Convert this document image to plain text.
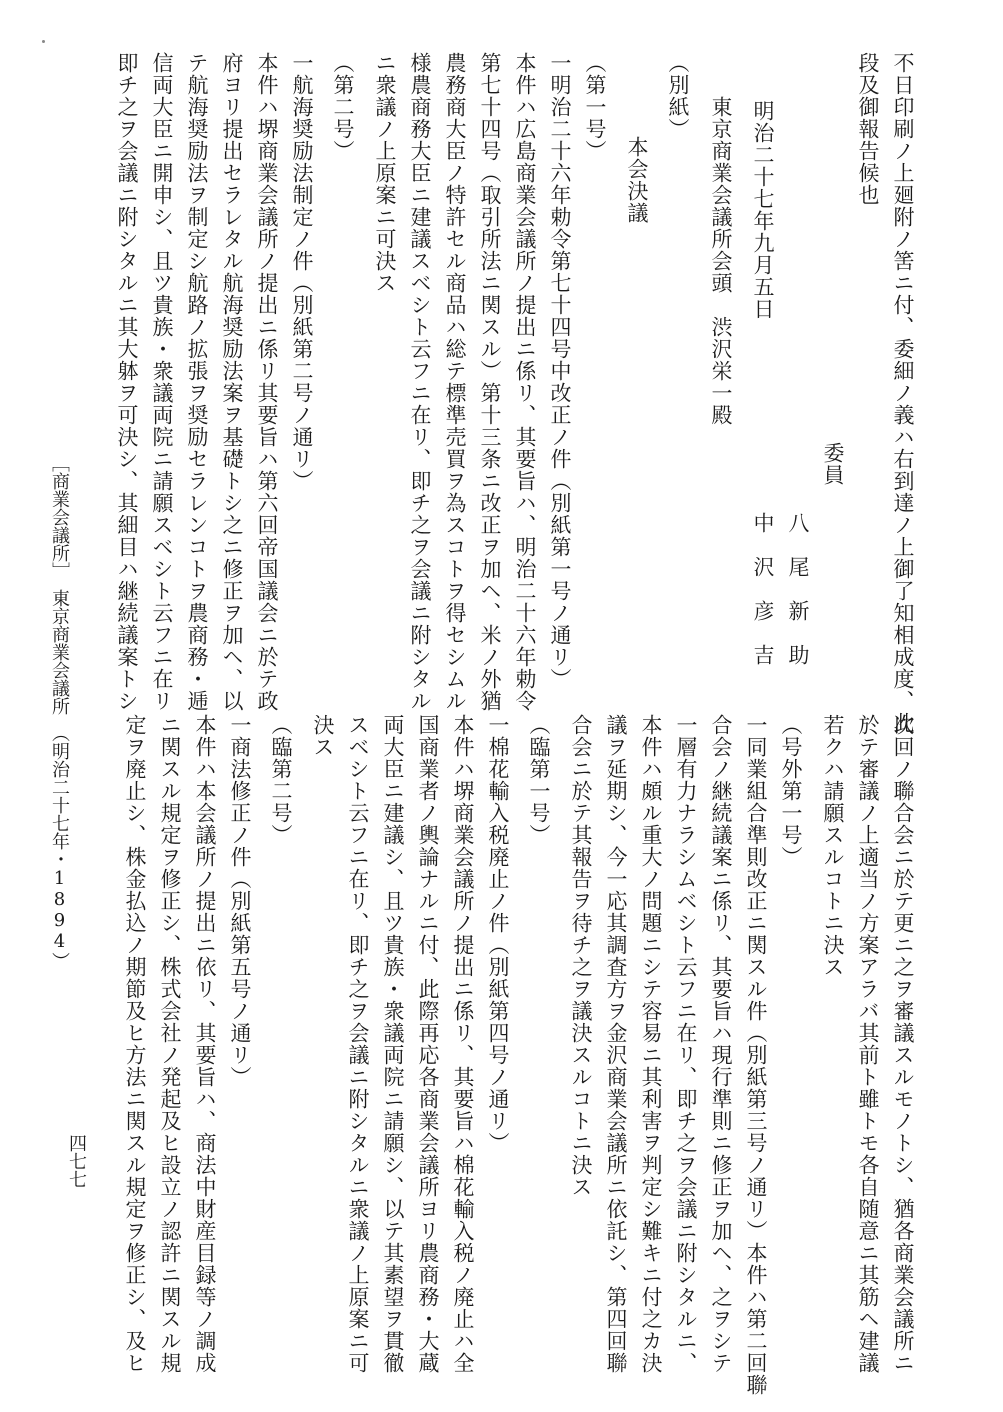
不日印刷ノ上廻附ノ筈ニ付、委細ノ義ハ右到達ノ上御了知相成度、此
段及御報告候也
委員
八　尾　新　助
明治二十七年九月五日
中　沢　彦　吉
東京商業会議所会頭　渋沢栄一殿
（別紙）
本会決議
（第一号）
一明治二十六年勅令第七十四号中改正ノ件（別紙第一号ノ通リ）
本件ハ広島商業会議所ノ提出ニ係リ、其要旨ハ、明治二十六年勅令
第七十四号（取引所法ニ関スル）第十三条ニ改正ヲ加ヘ、米ノ外猶
農務商大臣ノ特許セル商品ハ総テ標準売買ヲ為スコトヲ得セシムル
様農商務大臣ニ建議スベシト云フニ在リ、即チ之ヲ会議ニ附シタル
ニ衆議ノ上原案ニ可決ス
（第二号）
一航海奨励法制定ノ件（別紙第二号ノ通リ）
本件ハ堺商業会議所ノ提出ニ係リ其要旨ハ第六回帝国議会ニ於テ政
府ヨリ提出セラレタル航海奨励法案ヲ基礎トシ之ニ修正ヲ加ヘ、以
テ航海奨励法ヲ制定シ航路ノ拡張ヲ奨励セラレンコトヲ農商務・逓
信両大臣ニ開申シ、且ツ貴族・衆議両院ニ請願スベシト云フニ在リ
即チ之ヲ会議ニ附シタルニ其大躰ヲ可決シ、其細目ハ継続議案トシ
次回ノ聯合会ニ於テ更ニ之ヲ審議スルモノトシ、猶各商業会議所ニ
於テ審議ノ上適当ノ方案アラバ其前ト雖トモ各自随意ニ其筋ヘ建議
若クハ請願スルコトニ決ス
（号外第一号）
一同業組合準則改正ニ関スル件（別紙第三号ノ通リ）本件ハ第二回聯
合会ノ継続議案ニ係リ、其要旨ハ現行準則ニ修正ヲ加ヘ、之ヲシテ
一層有力ナラシムベシト云フニ在リ、即チ之ヲ会議ニ附シタルニ、
本件ハ頗ル重大ノ問題ニシテ容易ニ其利害ヲ判定シ難キニ付之カ決
議ヲ延期シ、今一応其調査方ヲ金沢商業会議所ニ依託シ、第四回聯
合会ニ於テ其報告ヲ待チ之ヲ議決スルコトニ決ス
（臨第一号）
一棉花輸入税廃止ノ件（別紙第四号ノ通リ）
本件ハ堺商業会議所ノ提出ニ係リ、其要旨ハ棉花輸入税ノ廃止ハ全
国商業者ノ輿論ナルニ付、此際再応各商業会議所ヨリ農商務・大蔵
両大臣ニ建議シ、且ツ貴族・衆議両院ニ請願シ、以テ其素望ヲ貫徹
スベシト云フニ在リ、即チ之ヲ会議ニ附シタルニ衆議ノ上原案ニ可
決ス
（臨第二号）
一商法修正ノ件（別紙第五号ノ通リ）
本件ハ本会議所ノ提出ニ依リ、其要旨ハ、商法中財産目録等ノ調成
ニ関スル規定ヲ修正シ、株式会社ノ発起及ヒ設立ノ認許ニ関スル規
定ヲ廃止シ、株金払込ノ期節及ヒ方法ニ関スル規定ヲ修正シ、及ヒ
［商業会議所］　東京商業会議所　（明治二十七年・1894）
四七七
